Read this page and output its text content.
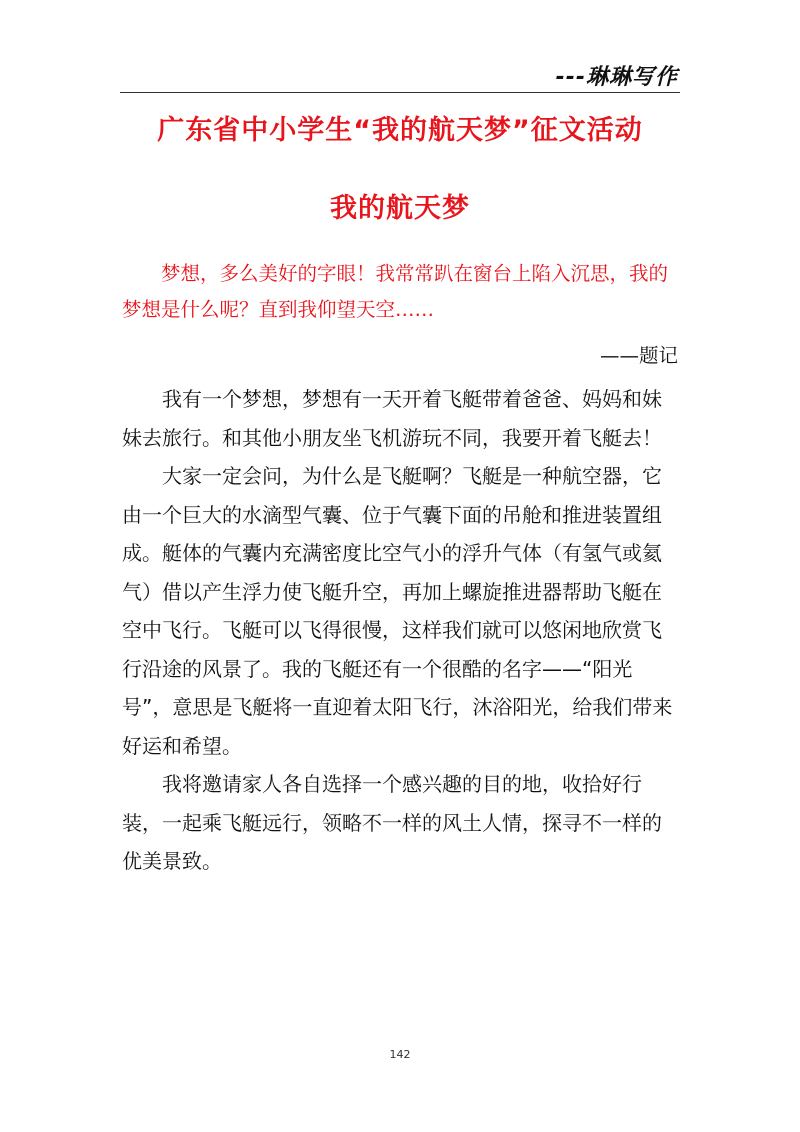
---琳琳写作
广东省中小学生“我的航天梦”征文活动
我的航天梦

梦想，多么美好的字眼！我常常趴在窗台上陷入沉思，我的梦想是什么呢？直到我仰望天空……

——题记

我有一个梦想，梦想有一天开着飞艇带着爸爸、妈妈和妹妹去旅行。和其他小朋友坐飞机游玩不同，我要开着飞艇去！

大家一定会问，为什么是飞艇啊？飞艇是一种航空器，它由一个巨大的水滴型气囊、位于气囊下面的吊舱和推进装置组成。艇体的气囊内充满密度比空气小的浮升气体（有氢气或氦气）借以产生浮力使飞艇升空，再加上螺旋推进器帮助飞艇在空中飞行。飞艇可以飞得很慢，这样我们就可以悠闲地欣赏飞行沿途的风景了。我的飞艇还有一个很酷的名字——“阳光号”，意思是飞艇将一直迎着太阳飞行，沐浴阳光，给我们带来好运和希望。

我将邀请家人各自选择一个感兴趣的目的地，收拾好行装，一起乘飞艇远行，领略不一样的风土人情，探寻不一样的优美景致。

142
